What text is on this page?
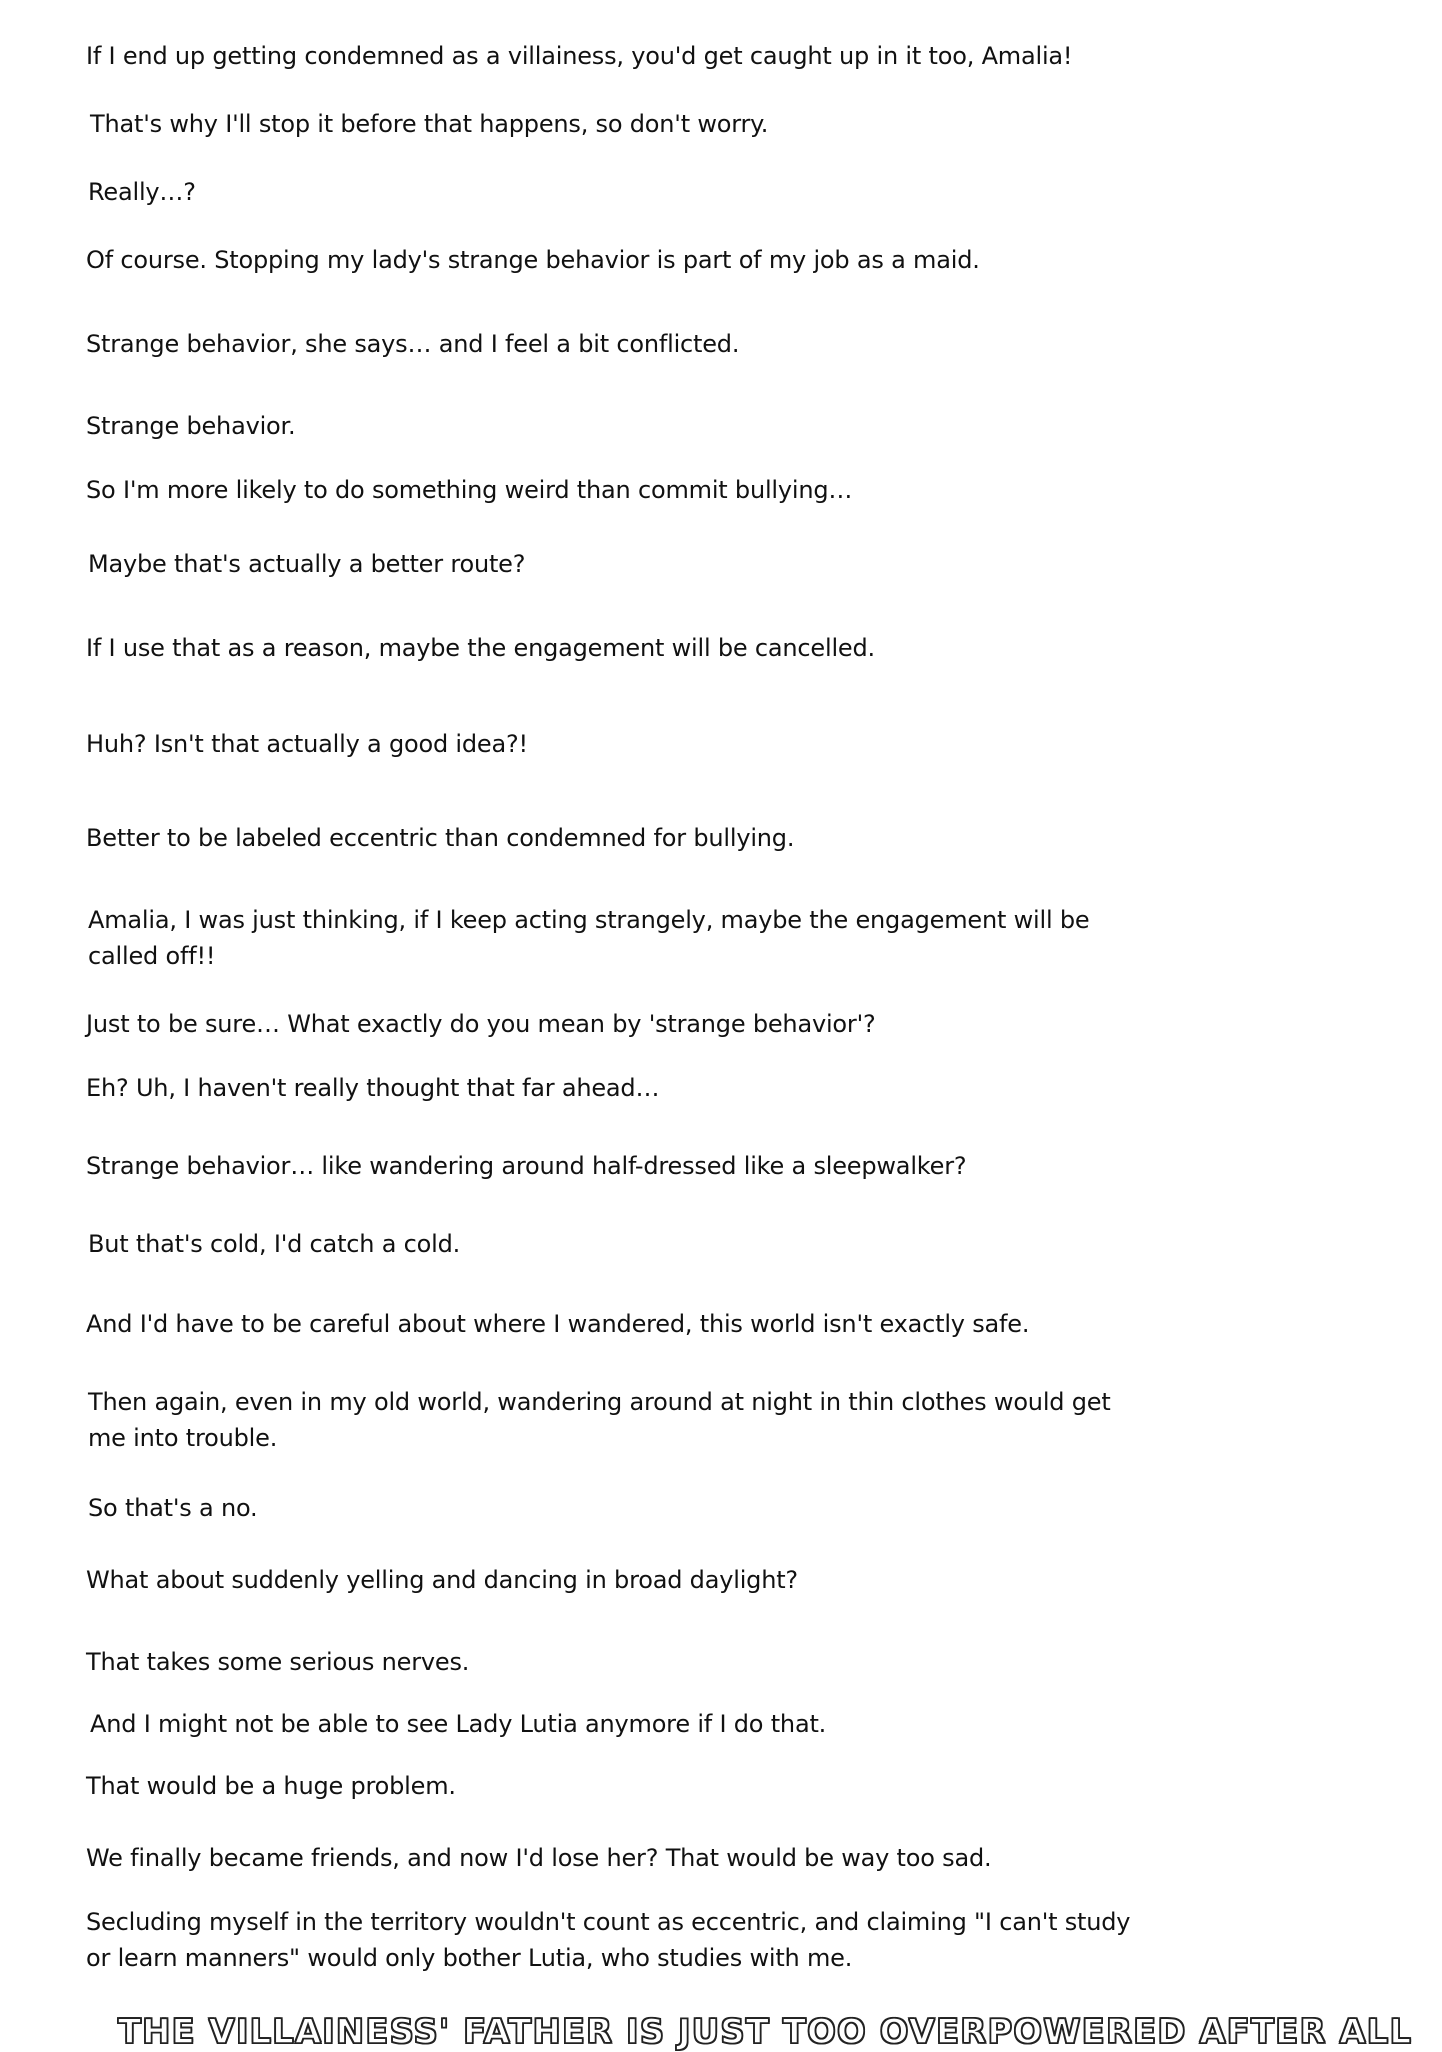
If I end up getting condemned as a villainess, you'd get caught up in it too, Amalia!

That's why I'll stop it before that happens, so don't worry.

Really…?

Of course. Stopping my lady's strange behavior is part of my job as a maid.

Strange behavior, she says… and I feel a bit conflicted.

Strange behavior.

So I'm more likely to do something weird than commit bullying…

Maybe that's actually a better route?

If I use that as a reason, maybe the engagement will be cancelled.

Huh? Isn't that actually a good idea?!

Better to be labeled eccentric than condemned for bullying.

Amalia, I was just thinking, if I keep acting strangely, maybe the engagement will be called off!!

Just to be sure… What exactly do you mean by 'strange behavior'?

Eh? Uh, I haven't really thought that far ahead…

Strange behavior… like wandering around half-dressed like a sleepwalker?

But that's cold, I'd catch a cold.

And I'd have to be careful about where I wandered, this world isn't exactly safe.

Then again, even in my old world, wandering around at night in thin clothes would get me into trouble.

So that's a no.

What about suddenly yelling and dancing in broad daylight?

That takes some serious nerves.

And I might not be able to see Lady Lutia anymore if I do that.

That would be a huge problem.

We finally became friends, and now I'd lose her? That would be way too sad.

Secluding myself in the territory wouldn't count as eccentric, and claiming "I can't study or learn manners" would only bother Lutia, who studies with me.

THE VILLAINESS' FATHER IS JUST TOO OVERPOWERED AFTER ALL
